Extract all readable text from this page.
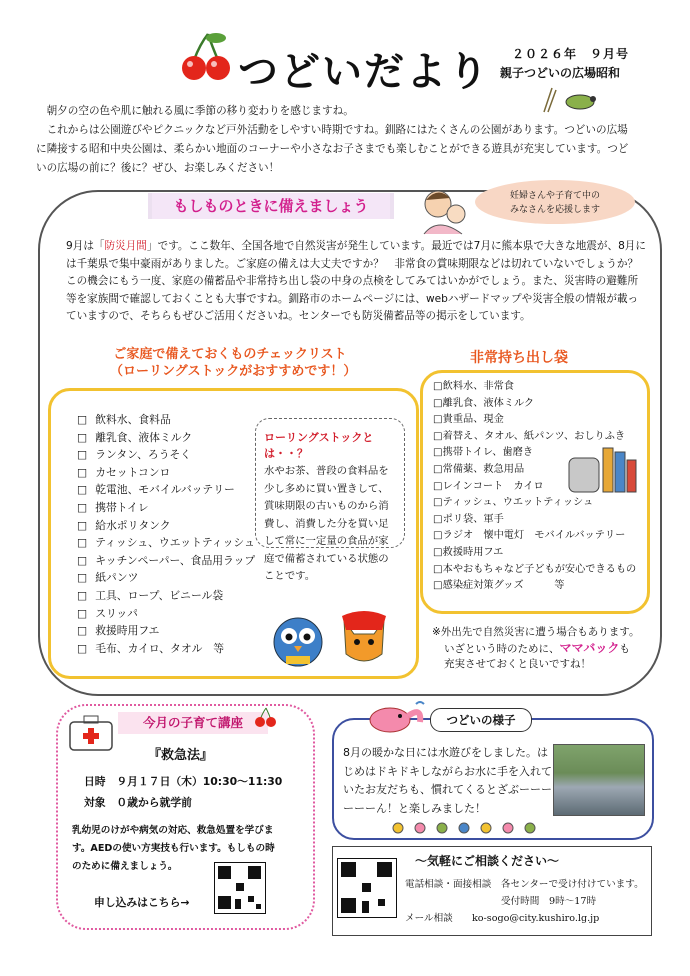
つどいだより ２０２６年　９月号
親子つどいの広場昭和

朝夕の空の色や肌に触れる風に季節の移り変わりを感じますね。

これからは公園遊びやピクニックなど戸外活動をしやすい時期ですね。釧路にはたくさんの公園があります。つどいの広場に隣接する昭和中央公園は、柔らかい地面のコーナーや小さなお子さまでも楽しむことができる遊具が充実しています。つどいの広場の前に？後に？ぜひ、お楽しみください！

もしものときに備えましょう
妊婦さんや子育て中の
みなさんを応援します
9月は「防災月間」です。ここ数年、全国各地で自然災害が発生しています。最近では7月に熊本県で大きな地震が、8月には千葉県で集中豪雨がありました。ご家庭の備えは大丈夫ですか？　非常食の賞味期限などは切れていないでしょうか？この機会にもう一度、家庭の備蓄品や非常持ち出し袋の中身の点検をしてみてはいかがでしょう。また、災害時の避難所等を家族間で確認しておくことも大事ですね。釧路市のホームページには、webハザードマップや災害全般の情報が載っていますので、そちらもぜひご活用くださいね。センターでも防災備蓄品等の掲示をしています。
ご家庭で備えておくものチェックリスト
（ローリングストックがおすすめです！）
□ 飲料水、食料品
□ 離乳食、液体ミルク
□ ランタン、ろうそく
□ カセットコンロ
□ 乾電池、モバイルバッテリー
□ 携帯トイレ
□ 給水ポリタンク
□ ティッシュ、ウエットティッシュ
□ キッチンペーパー、食品用ラップ
□ 紙パンツ
□ 工具、ロープ、ビニール袋
□ スリッパ
□ 救援時用フエ
□ 毛布、カイロ、タオル　等
ローリングストックとは・・？
水やお茶、普段の食料品を少し多めに買い置きして、賞味期限の古いものから消費し、消費した分を買い足して常に一定量の食品が家庭で備蓄されている状態のことです。
非常持ち出し袋
□ 飲料水、非常食
□ 離乳食、液体ミルク
□ 貴重品、現金
□ 着替え、タオル、紙パンツ、おしりふき
□ 携帯トイレ、歯磨き
□ 常備薬、救急用品
□ レインコート　カイロ
□ ティッシュ、ウエットティッシュ
□ ポリ袋、軍手
□ ラジオ　懐中電灯　モバイルバッテリー
□ 救援時用フエ
□ 本やおもちゃなど子どもが安心できるもの
□ 感染症対策グッズ　　　等
※外出先で自然災害に遭う場合もあります。
いざという時のために、ママバックも
充実させておくと良いですね！
今月の子育て講座
『救急法』
日時　 ９月１７日（木）10:30～11:30
対象　 ０歳から就学前
乳幼児のけがや病気の対応、救急処置を学びます。AEDの使い方実技も行います。もしもの時のために備えましょう。
申し込みはこちら→
つどいの様子
8月の暖かな日には水遊びをしました。はじめはドキドキしながらお水に手を入れていたお友だちも、慣れてくるとざぶーーーーーーん！と楽しみました！
～気軽にご相談ください～
電話相談・面接相談　各センターで受け付けています。
受付時間　9時～17時
メール相談　　ko-sogo@city.kushiro.lg.jp
